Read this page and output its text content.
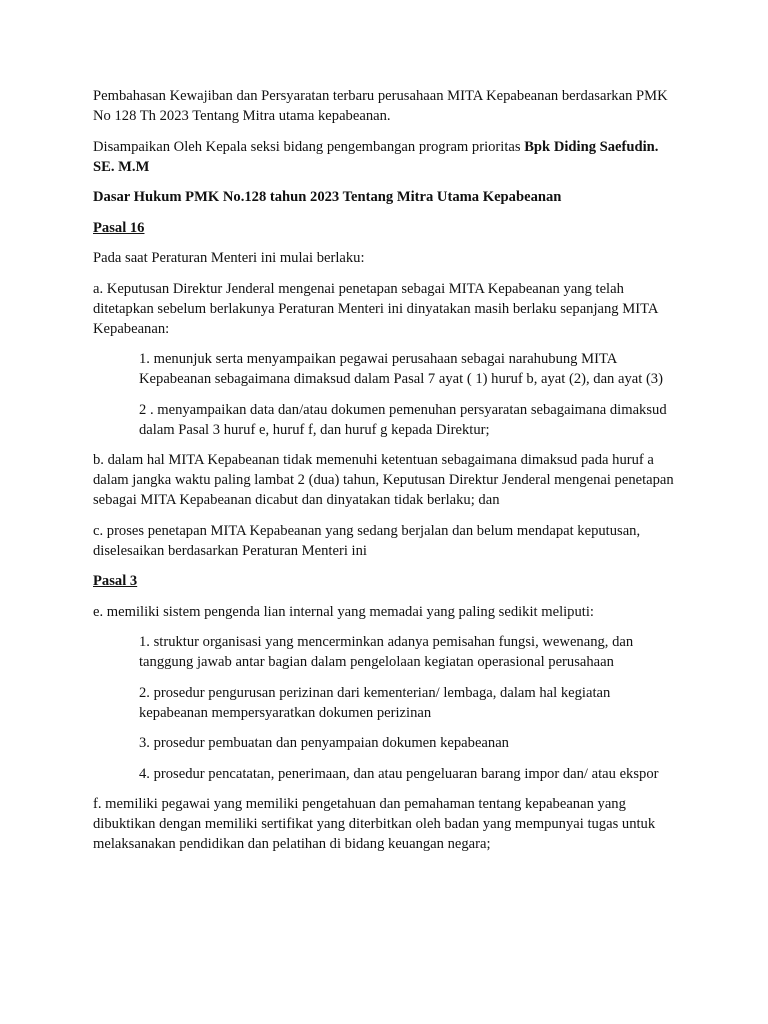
Pembahasan Kewajiban dan Persyaratan terbaru perusahaan MITA Kepabeanan berdasarkan PMK No 128 Th 2023 Tentang Mitra utama kepabeanan.

Disampaikan Oleh Kepala seksi bidang pengembangan program prioritas Bpk Diding Saefudin. SE. M.M

Dasar Hukum PMK No.128 tahun 2023 Tentang Mitra Utama Kepabeanan

Pasal 16

Pada saat Peraturan Menteri ini mulai berlaku:

a. Keputusan Direktur Jenderal mengenai penetapan sebagai MITA Kepabeanan yang telah ditetapkan sebelum berlakunya Peraturan Menteri ini dinyatakan masih berlaku sepanjang MITA Kepabeanan:

1. menunjuk serta menyampaikan pegawai perusahaan sebagai narahubung MITA Kepabeanan sebagaimana dimaksud dalam Pasal 7 ayat ( 1) huruf b, ayat (2), dan ayat (3)

2 . menyampaikan data dan/atau dokumen pemenuhan persyaratan sebagaimana dimaksud dalam Pasal 3 huruf e, huruf f, dan huruf g kepada Direktur;

b. dalam hal MITA Kepabeanan tidak memenuhi ketentuan sebagaimana dimaksud pada huruf a dalam jangka waktu paling lambat 2 (dua) tahun, Keputusan Direktur Jenderal mengenai penetapan sebagai MITA Kepabeanan dicabut dan dinyatakan tidak berlaku; dan

c. proses penetapan MITA Kepabeanan yang sedang berjalan dan belum mendapat keputusan, diselesaikan berdasarkan Peraturan Menteri ini

Pasal 3

e. memiliki sistem pengenda lian internal yang memadai yang paling sedikit meliputi:

1. struktur organisasi yang mencerminkan adanya pemisahan fungsi, wewenang, dan tanggung jawab antar bagian dalam pengelolaan kegiatan operasional perusahaan

2. prosedur pengurusan perizinan dari kementerian/ lembaga, dalam hal kegiatan kepabeanan mempersyaratkan dokumen perizinan

3. prosedur pembuatan dan penyampaian dokumen kepabeanan

4. prosedur pencatatan, penerimaan, dan atau pengeluaran barang impor dan/ atau ekspor

f. memiliki pegawai yang memiliki pengetahuan dan pemahaman tentang kepabeanan yang dibuktikan dengan memiliki sertifikat yang diterbitkan oleh badan yang mempunyai tugas untuk melaksanakan pendidikan dan pelatihan di bidang keuangan negara;
